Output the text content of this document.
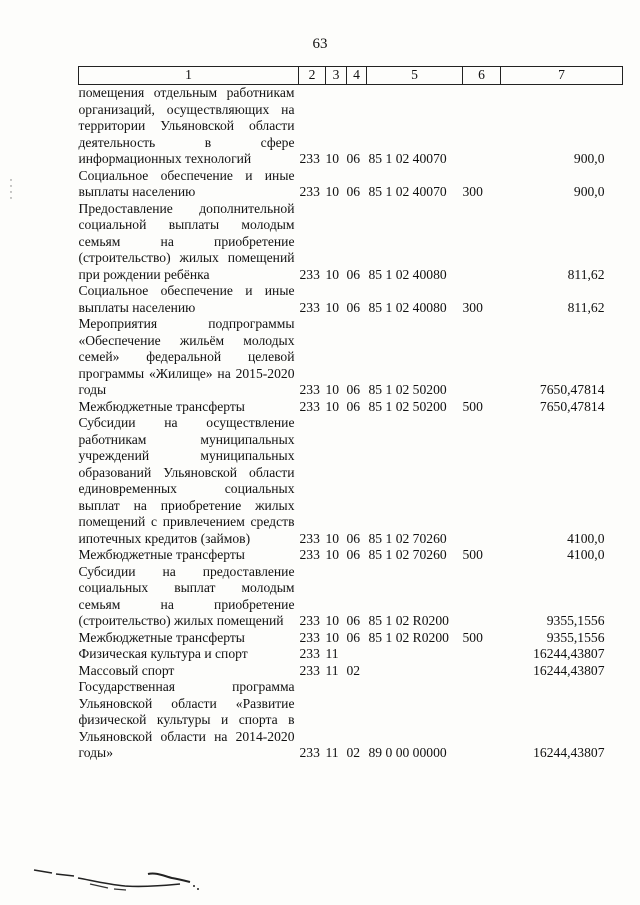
63
1	2	3	4	5	6	7
помещения отдельным работникам организаций, осуществляющих на территории Ульяновской области деятельность в сфере информационных технологий	233	10	06	85 1 02 40070		900,0
Социальное обеспечение и иные выплаты населению	233	10	06	85 1 02 40070	300	900,0
Предоставление дополнительной социальной выплаты молодым семьям на приобретение (строительство) жилых помещений при рождении ребёнка	233	10	06	85 1 02 40080		811,62
Социальное обеспечение и иные выплаты населению	233	10	06	85 1 02 40080	300	811,62
Мероприятия подпрограммы «Обеспечение жильём молодых семей» федеральной целевой программы «Жилище» на 2015-2020 годы	233	10	06	85 1 02 50200		7650,47814
Межбюджетные трансферты	233	10	06	85 1 02 50200	500	7650,47814
Субсидии на осуществление работникам муниципальных учреждений муниципальных образований Ульяновской области единовременных социальных выплат на приобретение жилых помещений с привлечением средств ипотечных кредитов (займов)	233	10	06	85 1 02 70260		4100,0
Межбюджетные трансферты	233	10	06	85 1 02 70260	500	4100,0
Субсидии на предоставление социальных выплат молодым семьям на приобретение (строительство) жилых помещений	233	10	06	85 1 02 R0200		9355,1556
Межбюджетные трансферты	233	10	06	85 1 02 R0200	500	9355,1556
Физическая культура и спорт	233	11				16244,43807
Массовый спорт	233	11	02			16244,43807
Государственная программа Ульяновской области «Развитие физической культуры и спорта в Ульяновской области на 2014-2020 годы»	233	11	02	89 0 00 00000		16244,43807
